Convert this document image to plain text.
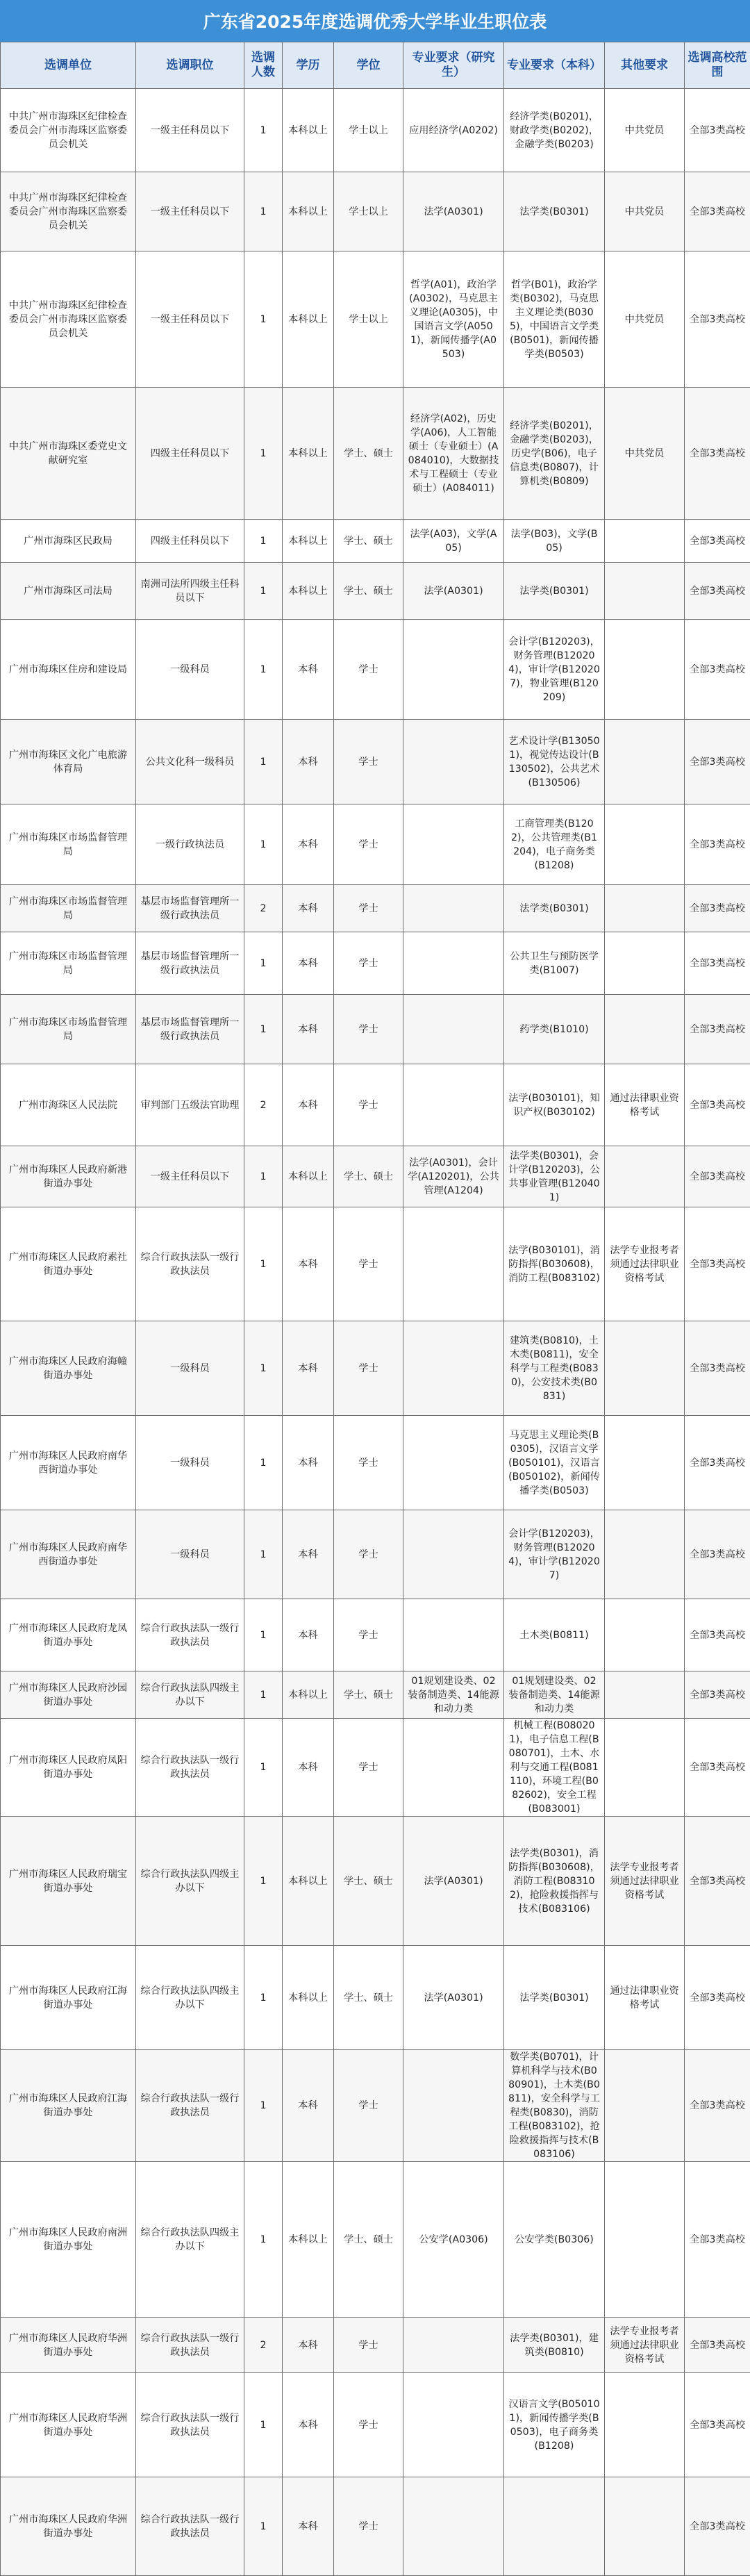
广东省2025年度选调优秀大学毕业生职位表
选调单位	选调职位	选调人数	学历	学位	专业要求（研究生）	专业要求（本科）	其他要求	选调高校范围
中共广州市海珠区纪律检查委员会广州市海珠区监察委员会机关	一级主任科员以下	1	本科以上	学士以上	应用经济学(A0202)	经济学类(B0201)，财政学类(B0202)，金融学类(B0203)	中共党员	全部3类高校
中共广州市海珠区纪律检查委员会广州市海珠区监察委员会机关	一级主任科员以下	1	本科以上	学士以上	法学(A0301)	法学类(B0301)	中共党员	全部3类高校
中共广州市海珠区纪律检查委员会广州市海珠区监察委员会机关	一级主任科员以下	1	本科以上	学士以上	哲学(A01)，政治学(A0302)，马克思主义理论(A0305)，中国语言文学(A0501)，新闻传播学(A0503)	哲学(B01)，政治学类(B0302)，马克思主义理论类(B0305)，中国语言文学类(B0501)，新闻传播学类(B0503)	中共党员	全部3类高校
中共广州市海珠区委党史文献研究室	四级主任科员以下	1	本科以上	学士、硕士	经济学(A02)，历史学(A06)，人工智能硕士（专业硕士）(A084010)，大数据技术与工程硕士（专业硕士）(A084011)	经济学类(B0201)，金融学类(B0203)，历史学(B06)，电子信息类(B0807)，计算机类(B0809)	中共党员	全部3类高校
广州市海珠区民政局	四级主任科员以下	1	本科以上	学士、硕士	法学(A03)，文学(A05)	法学(B03)，文学(B05)		全部3类高校
广州市海珠区司法局	南洲司法所四级主任科员以下	1	本科以上	学士、硕士	法学(A0301)	法学类(B0301)		全部3类高校
广州市海珠区住房和建设局	一级科员	1	本科	学士		会计学(B120203)，财务管理(B120204)，审计学(B120207)，物业管理(B120209)		全部3类高校
广州市海珠区文化广电旅游体育局	公共文化科一级科员	1	本科	学士		艺术设计学(B130501)，视觉传达设计(B130502)，公共艺术(B130506)		全部3类高校
广州市海珠区市场监督管理局	一级行政执法员	1	本科	学士		工商管理类(B1202)，公共管理类(B1204)，电子商务类(B1208)		全部3类高校
广州市海珠区市场监督管理局	基层市场监督管理所一级行政执法员	2	本科	学士		法学类(B0301)		全部3类高校
广州市海珠区市场监督管理局	基层市场监督管理所一级行政执法员	1	本科	学士		公共卫生与预防医学类(B1007)		全部3类高校
广州市海珠区市场监督管理局	基层市场监督管理所一级行政执法员	1	本科	学士		药学类(B1010)		全部3类高校
广州市海珠区人民法院	审判部门五级法官助理	2	本科	学士		法学(B030101)，知识产权(B030102)	通过法律职业资格考试	全部3类高校
广州市海珠区人民政府新港街道办事处	一级主任科员以下	1	本科以上	学士、硕士	法学(A0301)，会计学(A120201)，公共管理(A1204)	法学类(B0301)，会计学(B120203)，公共事业管理(B120401)		全部3类高校
广州市海珠区人民政府素社街道办事处	综合行政执法队一级行政执法员	1	本科	学士		法学(B030101)，消防指挥(B030608)，消防工程(B083102)	法学专业报考者须通过法律职业资格考试	全部3类高校
广州市海珠区人民政府海幢街道办事处	一级科员	1	本科	学士		建筑类(B0810)，土木类(B0811)，安全科学与工程类(B0830)，公安技术类(B0831)		全部3类高校
广州市海珠区人民政府南华西街道办事处	一级科员	1	本科	学士		马克思主义理论类(B0305)，汉语言文学(B050101)，汉语言(B050102)，新闻传播学类(B0503)		全部3类高校
广州市海珠区人民政府南华西街道办事处	一级科员	1	本科	学士		会计学(B120203)，财务管理(B120204)，审计学(B120207)		全部3类高校
广州市海珠区人民政府龙凤街道办事处	综合行政执法队一级行政执法员	1	本科	学士		土木类(B0811)		全部3类高校
广州市海珠区人民政府沙园街道办事处	综合行政执法队四级主办以下	1	本科以上	学士、硕士	01规划建设类、02装备制造类、14能源和动力类	01规划建设类、02装备制造类、14能源和动力类		全部3类高校
广州市海珠区人民政府凤阳街道办事处	综合行政执法队一级行政执法员	1	本科	学士		机械工程(B080201)，电子信息工程(B080701)，土木、水利与交通工程(B081110)，环境工程(B082602)，安全工程(B083001)		全部3类高校
广州市海珠区人民政府瑞宝街道办事处	综合行政执法队四级主办以下	1	本科以上	学士、硕士	法学(A0301)	法学类(B0301)，消防指挥(B030608)，消防工程(B083102)，抢险救援指挥与技术(B083106)	法学专业报考者须通过法律职业资格考试	全部3类高校
广州市海珠区人民政府江海街道办事处	综合行政执法队四级主办以下	1	本科以上	学士、硕士	法学(A0301)	法学类(B0301)	通过法律职业资格考试	全部3类高校
广州市海珠区人民政府江海街道办事处	综合行政执法队一级行政执法员	1	本科	学士		数学类(B0701)，计算机科学与技术(B080901)，土木类(B0811)，安全科学与工程类(B0830)，消防工程(B083102)，抢险救援指挥与技术(B083106)		全部3类高校
广州市海珠区人民政府南洲街道办事处	综合行政执法队四级主办以下	1	本科以上	学士、硕士	公安学(A0306)	公安学类(B0306)		全部3类高校
广州市海珠区人民政府华洲街道办事处	综合行政执法队一级行政执法员	2	本科	学士		法学类(B0301)，建筑类(B0810)	法学专业报考者须通过法律职业资格考试	全部3类高校
广州市海珠区人民政府华洲街道办事处	综合行政执法队一级行政执法员	1	本科	学士		汉语言文学(B050101)，新闻传播学类(B0503)，电子商务类(B1208)		全部3类高校
广州市海珠区人民政府华洲街道办事处	综合行政执法队一级行政执法员	1	本科	学士				全部3类高校
